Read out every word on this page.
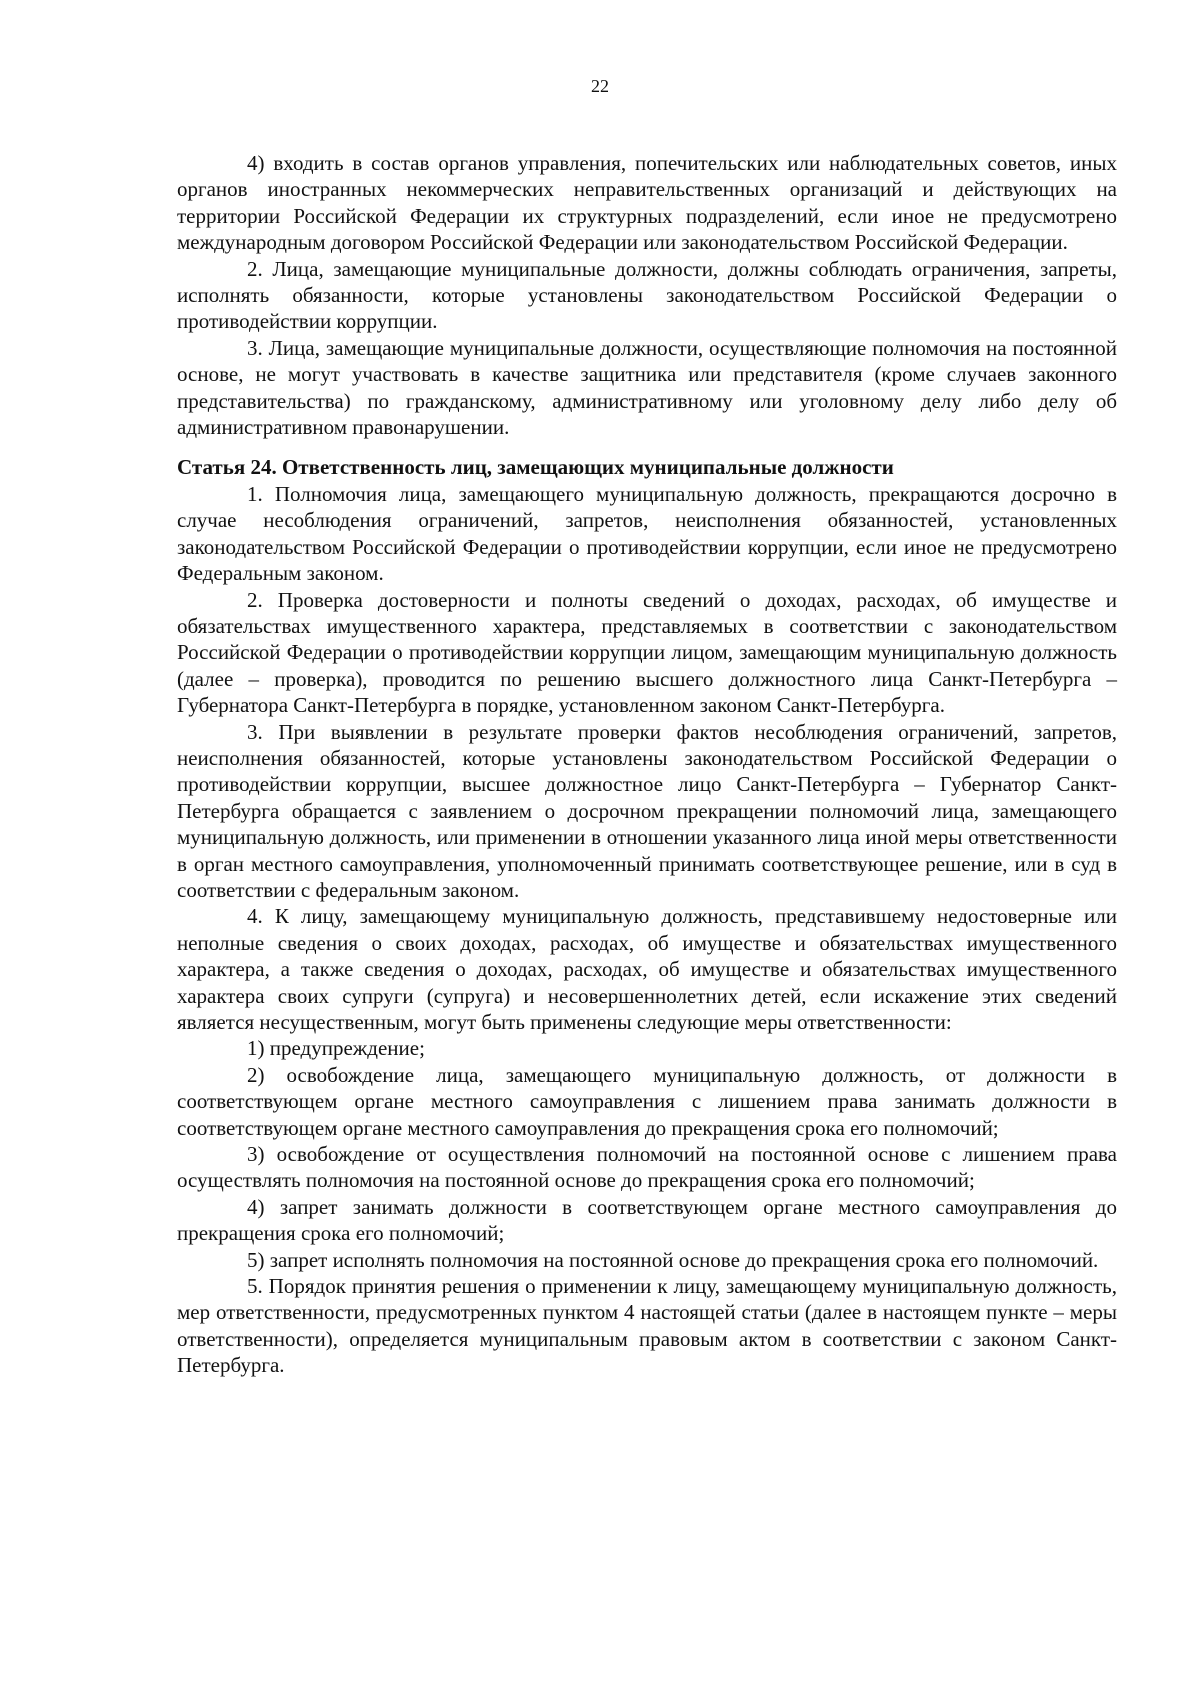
22

4) входить в состав органов управления, попечительских или наблюдательных советов, иных органов иностранных некоммерческих неправительственных организаций и действующих на территории Российской Федерации их структурных подразделений, если иное не предусмотрено международным договором Российской Федерации или законодательством Российской Федерации.

2. Лица, замещающие муниципальные должности, должны соблюдать ограничения, запреты, исполнять обязанности, которые установлены законодательством Российской Федерации о противодействии коррупции.

3. Лица, замещающие муниципальные должности, осуществляющие полномочия на постоянной основе, не могут участвовать в качестве защитника или представителя (кроме случаев законного представительства) по гражданскому, административному или уголовному делу либо делу об административном правонарушении.

Статья 24. Ответственность лиц, замещающих муниципальные должности

1. Полномочия лица, замещающего муниципальную должность, прекращаются досрочно в случае несоблюдения ограничений, запретов, неисполнения обязанностей, установленных законодательством Российской Федерации о противодействии коррупции, если иное не предусмотрено Федеральным законом.

2. Проверка достоверности и полноты сведений о доходах, расходах, об имуществе и обязательствах имущественного характера, представляемых в соответствии с законодательством Российской Федерации о противодействии коррупции лицом, замещающим муниципальную должность (далее – проверка), проводится по решению высшего должностного лица Санкт-Петербурга – Губернатора Санкт-Петербурга в порядке, установленном законом Санкт-Петербурга.

3. При выявлении в результате проверки фактов несоблюдения ограничений, запретов, неисполнения обязанностей, которые установлены законодательством Российской Федерации о противодействии коррупции, высшее должностное лицо Санкт-Петербурга – Губернатор Санкт-Петербурга обращается с заявлением о досрочном прекращении полномочий лица, замещающего муниципальную должность, или применении в отношении указанного лица иной меры ответственности в орган местного самоуправления, уполномоченный принимать соответствующее решение, или в суд в соответствии с федеральным законом.

4. К лицу, замещающему муниципальную должность, представившему недостоверные или неполные сведения о своих доходах, расходах, об имуществе и обязательствах имущественного характера, а также сведения о доходах, расходах, об имуществе и обязательствах имущественного характера своих супруги (супруга) и несовершеннолетних детей, если искажение этих сведений является несущественным, могут быть применены следующие меры ответственности:

1) предупреждение;

2) освобождение лица, замещающего муниципальную должность, от должности в соответствующем органе местного самоуправления с лишением права занимать должности в соответствующем органе местного самоуправления до прекращения срока его полномочий;

3) освобождение от осуществления полномочий на постоянной основе с лишением права осуществлять полномочия на постоянной основе до прекращения срока его полномочий;

4) запрет занимать должности в соответствующем органе местного самоуправления до прекращения срока его полномочий;

5) запрет исполнять полномочия на постоянной основе до прекращения срока его полномочий.

5. Порядок принятия решения о применении к лицу, замещающему муниципальную должность, мер ответственности, предусмотренных пунктом 4 настоящей статьи (далее в настоящем пункте – меры ответственности), определяется муниципальным правовым актом в соответствии с законом Санкт-Петербурга.
